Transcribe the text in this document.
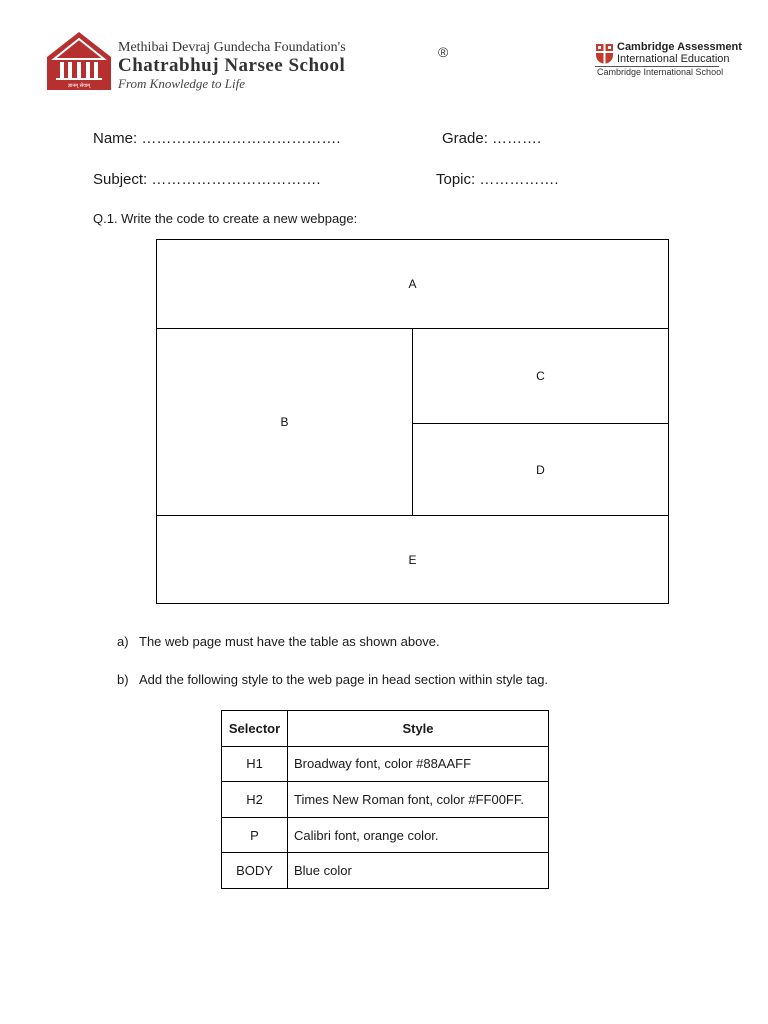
ज्ञानम् सेवाम्
Methibai Devraj Gundecha Foundation's
Chatrabhuj Narsee School
®
From Knowledge to Life
Cambridge Assessment
International Education
Cambridge International School
Name: ………………………………….	Grade: ……….
Subject: …………………………….	Topic: …………….
Q.1. Write the code to create a new webpage:
A
B
C
D
E
a) The web page must have the table as shown above.
b) Add the following style to the web page in head section within style tag.
Selector	Style
H1	Broadway font, color #88AAFF
H2	Times New Roman font, color #FF00FF.
P	Calibri font, orange color.
BODY	Blue color
